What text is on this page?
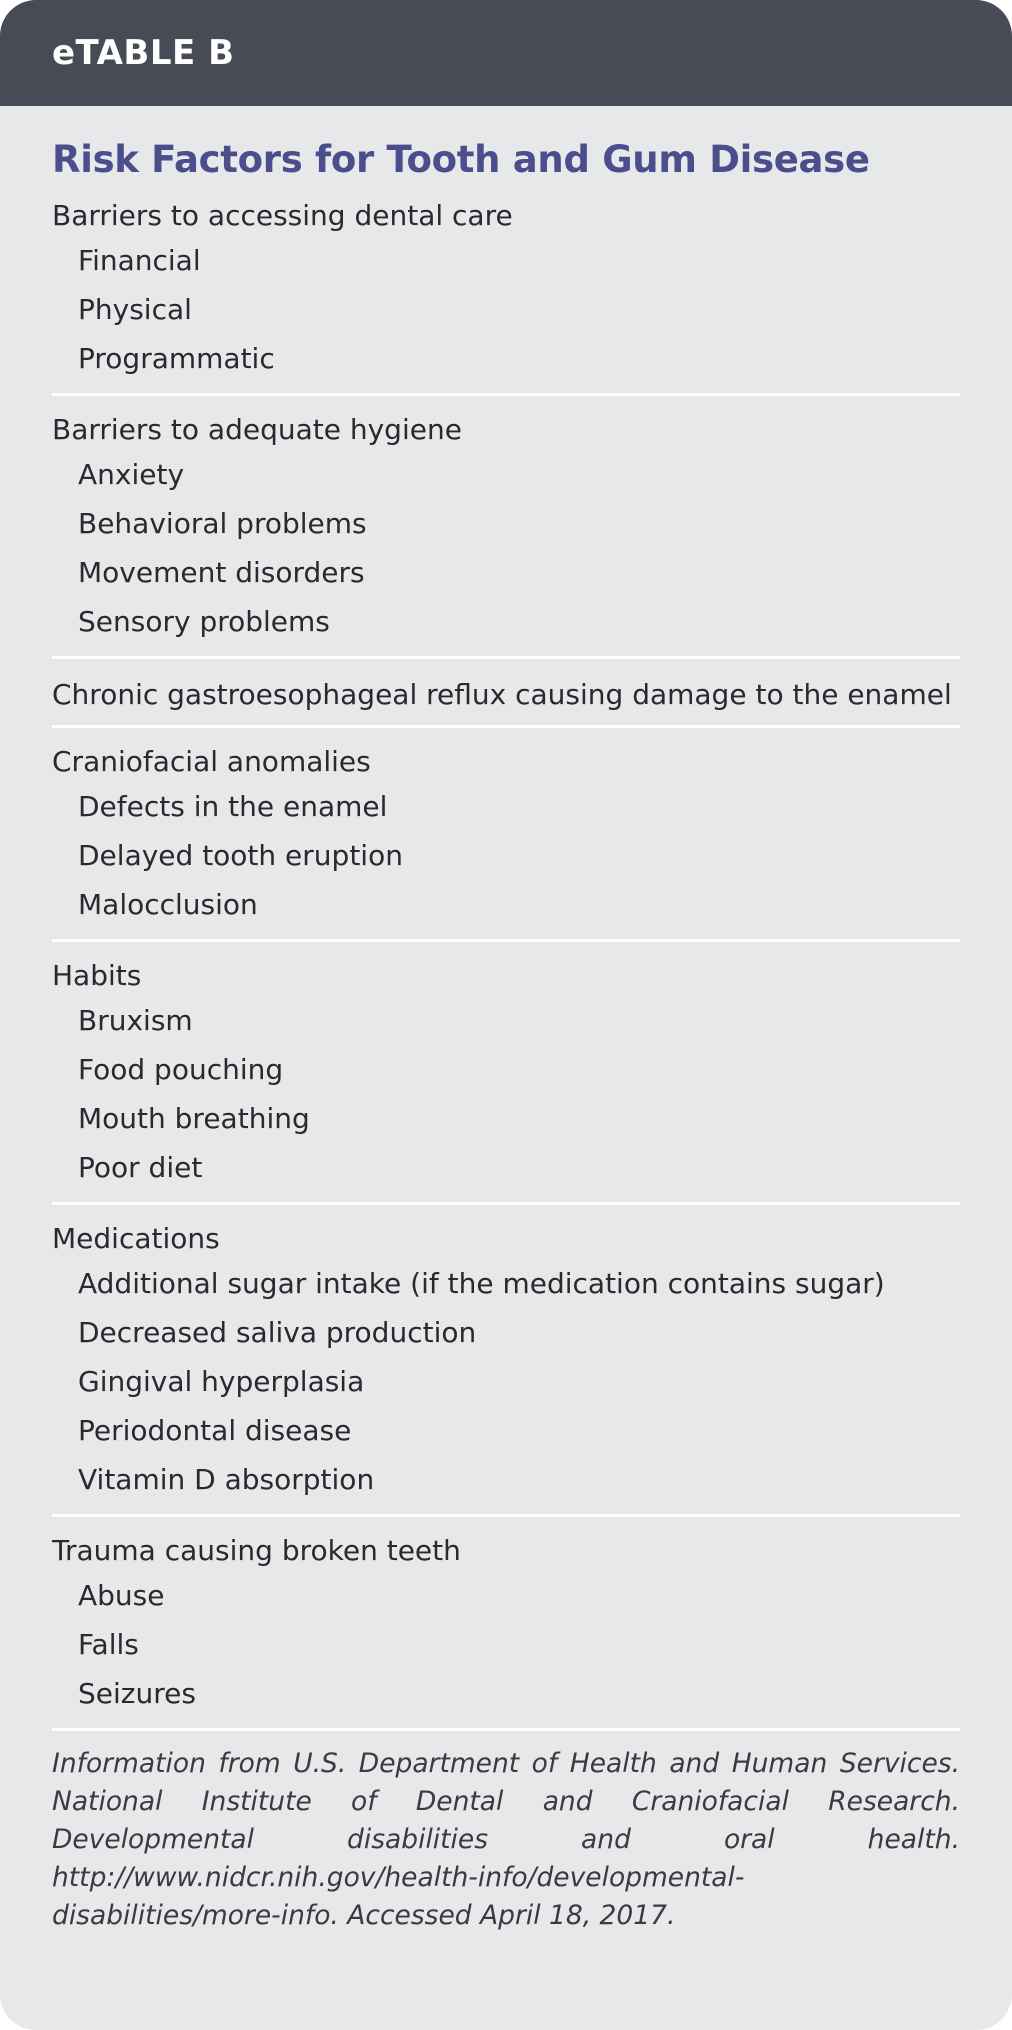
eTABLE B
Risk Factors for Tooth and Gum Disease
Barriers to accessing dental care
Financial
Physical
Programmatic
Barriers to adequate hygiene
Anxiety
Behavioral problems
Movement disorders
Sensory problems
Chronic gastroesophageal reflux causing damage to the enamel
Craniofacial anomalies
Defects in the enamel
Delayed tooth eruption
Malocclusion
Habits
Bruxism
Food pouching
Mouth breathing
Poor diet
Medications
Additional sugar intake (if the medication contains sugar)
Decreased saliva production
Gingival hyperplasia
Periodontal disease
Vitamin D absorption
Trauma causing broken teeth
Abuse
Falls
Seizures
Information from U.S. Department of Health and Human Services. National Institute of Dental and Craniofacial Research. Developmental disabilities and oral health. http://www.nidcr.nih.gov/health-info/developmental-disabilities/more-info. Accessed April 18, 2017.
